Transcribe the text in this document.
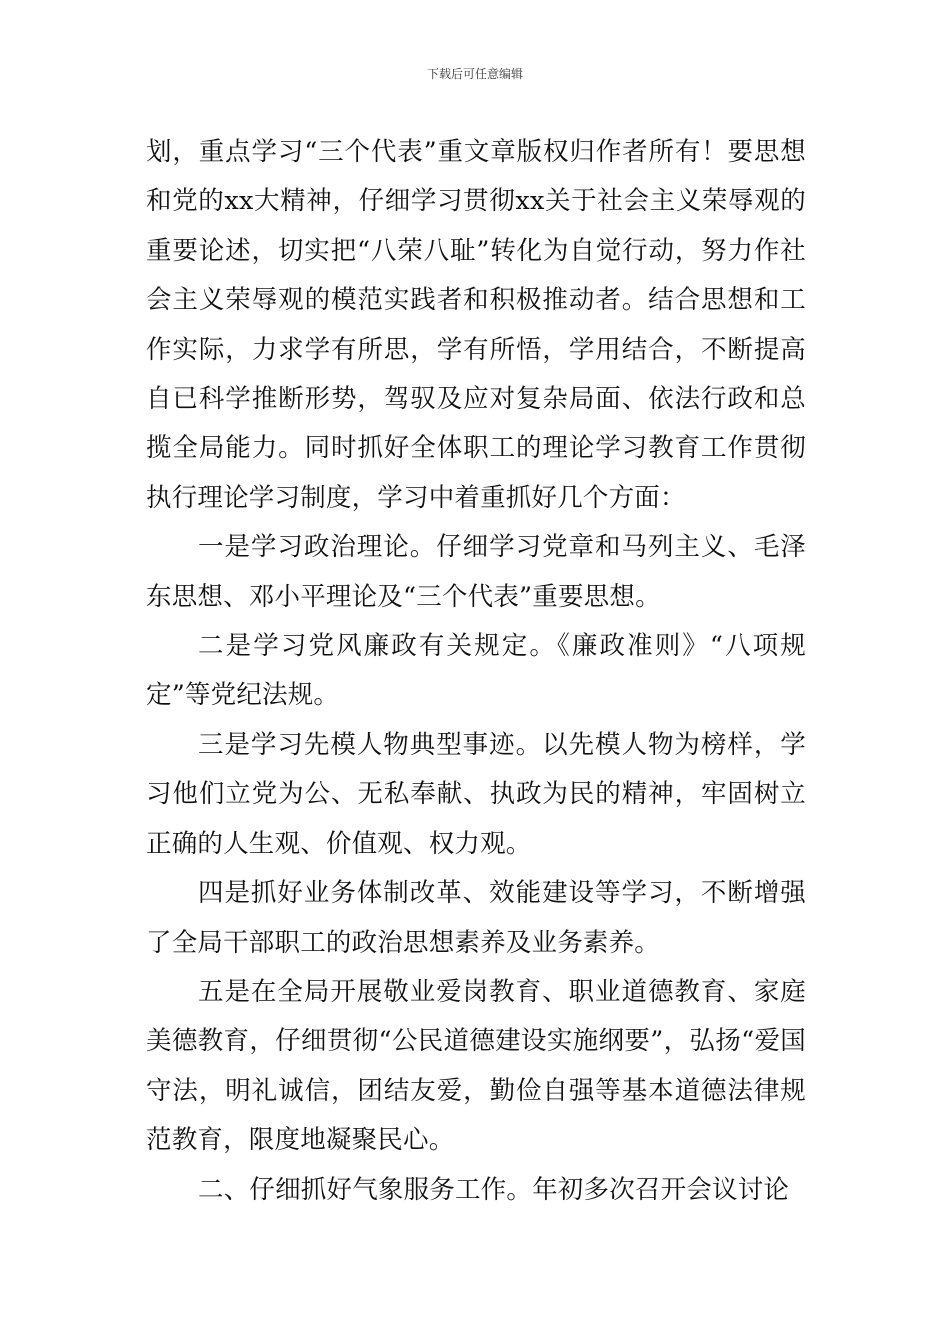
下载后可任意编辑

划，重点学习“三个代表”重文章版权归作者所有！要思想和党的xx大精神，仔细学习贯彻xx关于社会主义荣辱观的重要论述，切实把“八荣八耻”转化为自觉行动，努力作社会主义荣辱观的模范实践者和积极推动者。结合思想和工作实际，力求学有所思，学有所悟，学用结合，不断提高自已科学推断形势，驾驭及应对复杂局面、依法行政和总揽全局能力。同时抓好全体职工的理论学习教育工作贯彻执行理论学习制度，学习中着重抓好几个方面：

一是学习政治理论。仔细学习党章和马列主义、毛泽东思想、邓小平理论及“三个代表”重要思想。

二是学习党风廉政有关规定。《廉政准则》“八项规定”等党纪法规。

三是学习先模人物典型事迹。以先模人物为榜样，学习他们立党为公、无私奉献、执政为民的精神，牢固树立正确的人生观、价值观、权力观。

四是抓好业务体制改革、效能建设等学习，不断增强了全局干部职工的政治思想素养及业务素养。

五是在全局开展敬业爱岗教育、职业道德教育、家庭美德教育，仔细贯彻“公民道德建设实施纲要”，弘扬“爱国守法，明礼诚信，团结友爱，勤俭自强等基本道德法律规范教育，限度地凝聚民心。

二、仔细抓好气象服务工作。年初多次召开会议讨论
